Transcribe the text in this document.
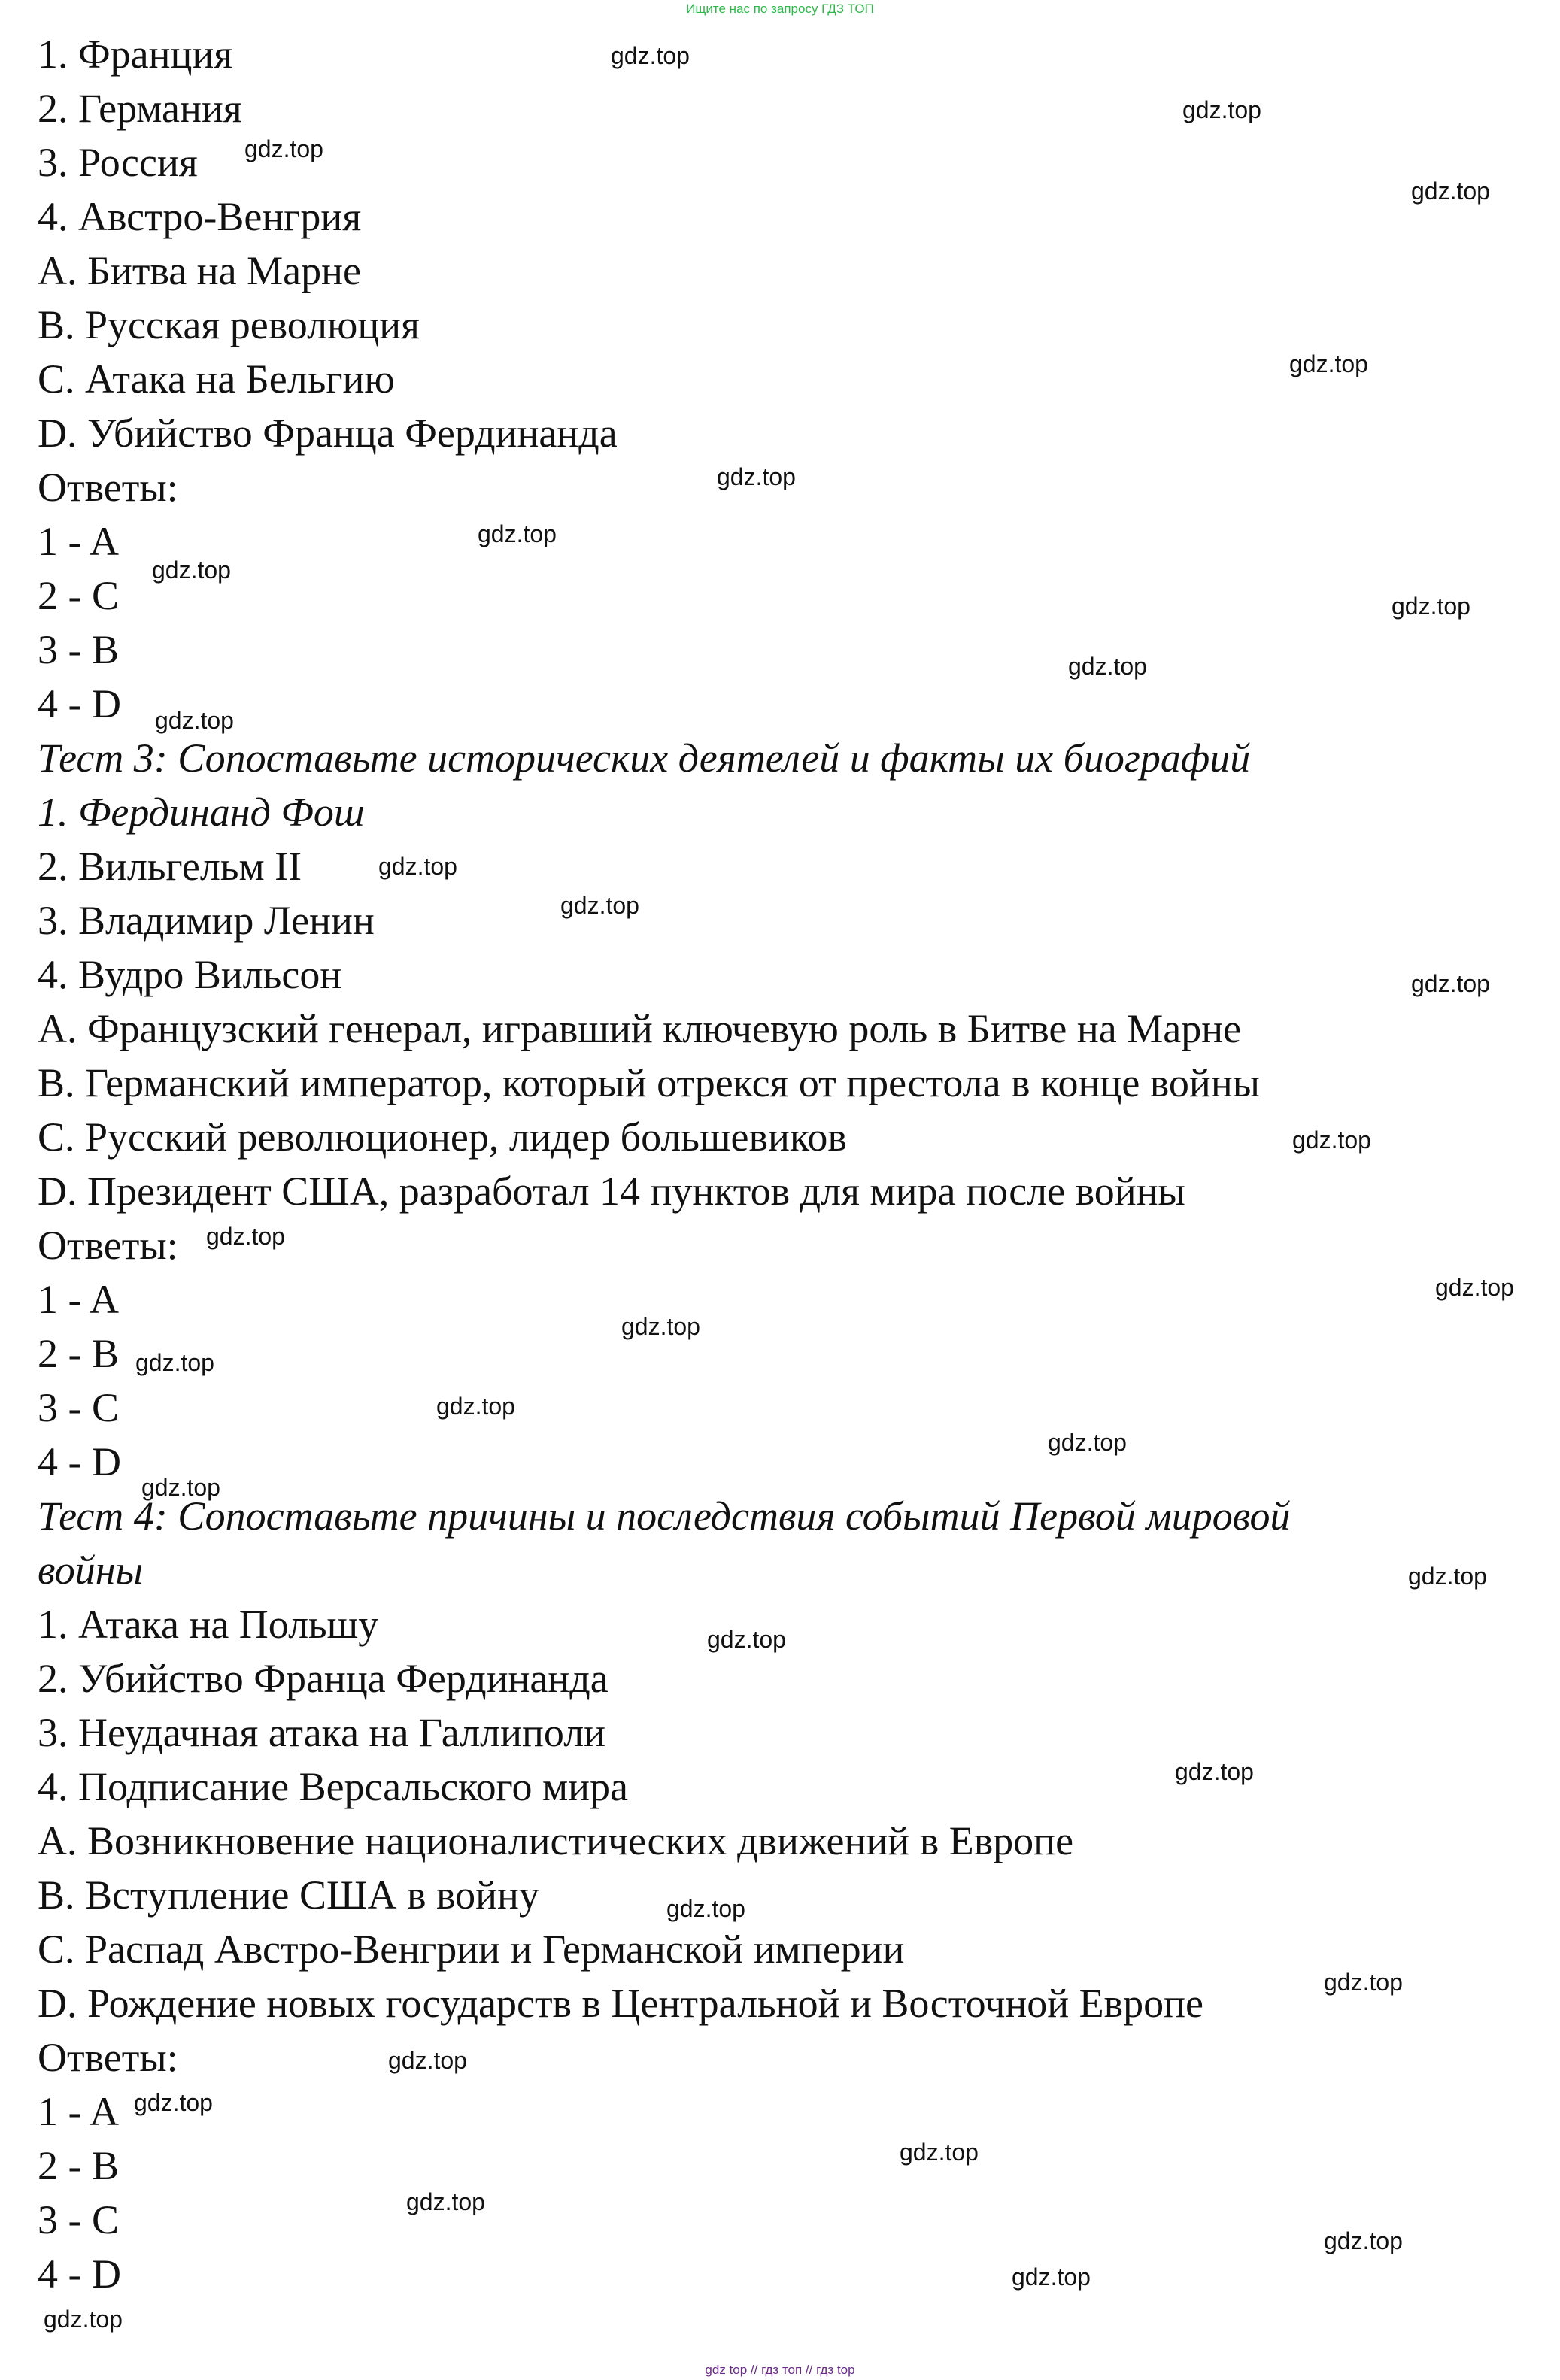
Ищите нас по запросу ГДЗ ТОП
1. Франция
2. Германия
3. Россия
4. Австро-Венгрия
A. Битва на Марне
B. Русская революция
C. Атака на Бельгию
D. Убийство Франца Фердинанда
Ответы:
1 - A
2 - C
3 - B
4 - D
Тест 3: Сопоставьте исторических деятелей и факты их биографий
1. Фердинанд Фош
2. Вильгельм II
3. Владимир Ленин
4. Вудро Вильсон
A. Французский генерал, игравший ключевую роль в Битве на Марне
B. Германский император, который отрекся от престола в конце войны
C. Русский революционер, лидер большевиков
D. Президент США, разработал 14 пунктов для мира после войны
Ответы:
1 - A
2 - B
3 - C
4 - D
Тест 4: Сопоставьте причины и последствия событий Первой мировой
войны
1. Атака на Польшу
2. Убийство Франца Фердинанда
3. Неудачная атака на Галлиполи
4. Подписание Версальского мира
A. Возникновение националистических движений в Европе
B. Вступление США в войну
C. Распад Австро-Венгрии и Германской империи
D. Рождение новых государств в Центральной и Восточной Европе
Ответы:
1 - A
2 - B
3 - C
4 - D
gdz.top
gdz.top
gdz.top
gdz.top
gdz.top
gdz.top
gdz.top
gdz.top
gdz.top
gdz.top
gdz.top
gdz.top
gdz.top
gdz.top
gdz.top
gdz.top
gdz.top
gdz.top
gdz.top
gdz.top
gdz.top
gdz.top
gdz.top
gdz.top
gdz.top
gdz.top
gdz.top
gdz.top
gdz.top
gdz.top
gdz.top
gdz.top
gdz.top
gdz.top
gdz top // гдз топ // гдз top
